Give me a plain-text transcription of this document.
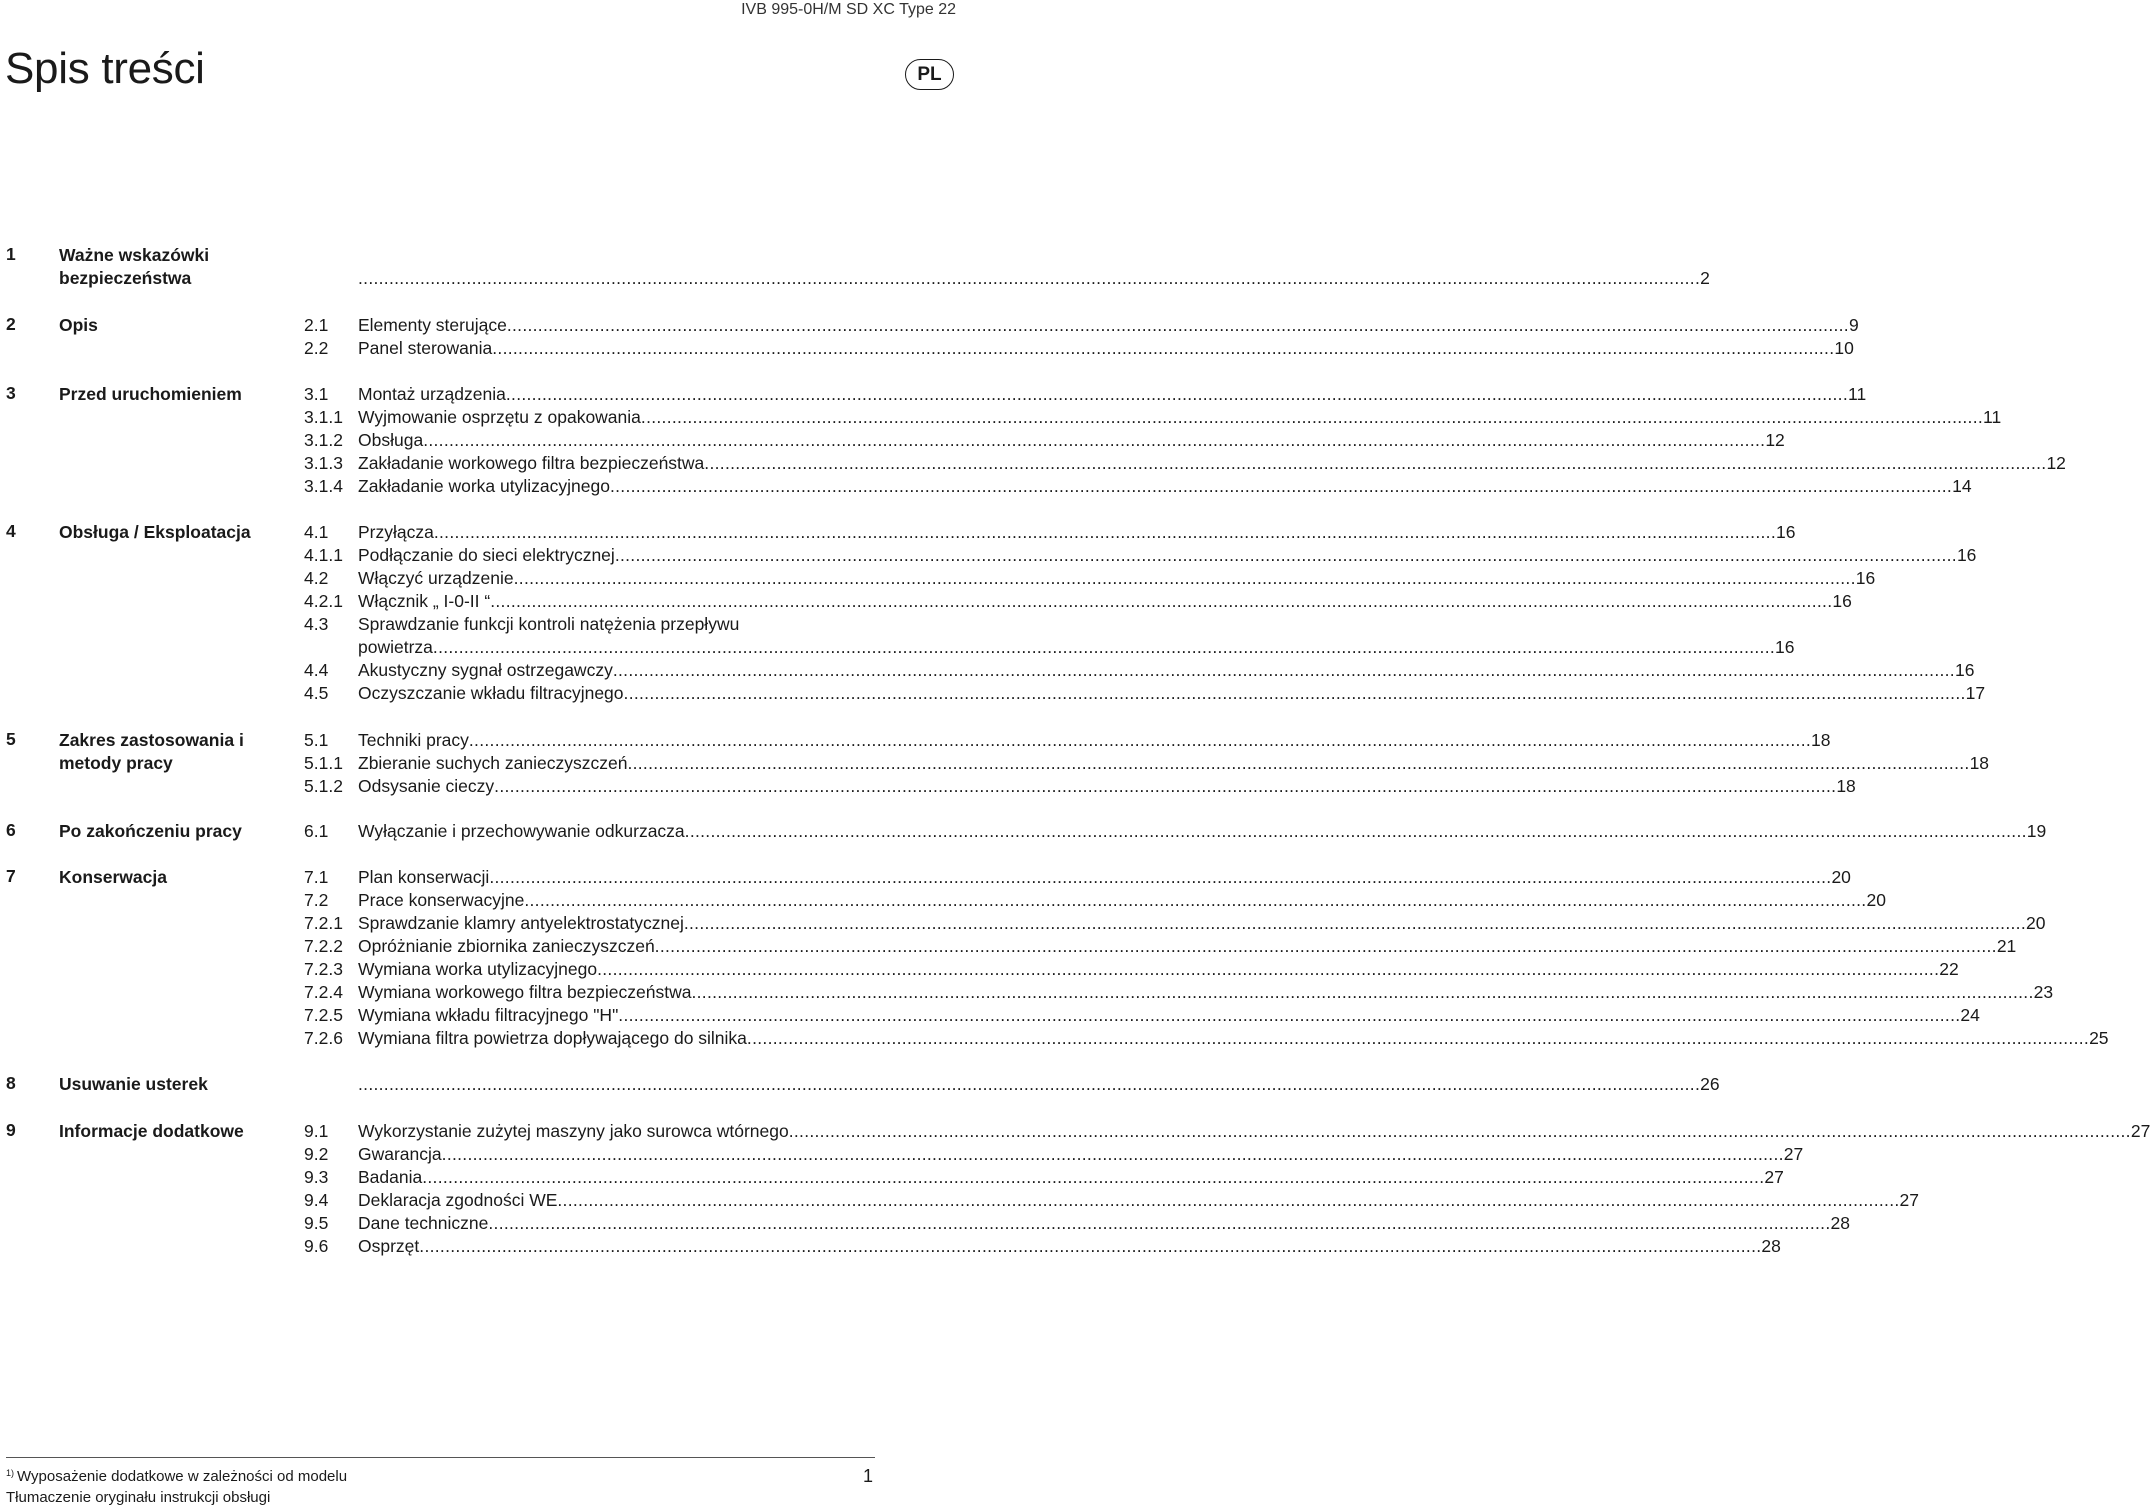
IVB 995-0H/M SD XC Type 22
Spis treści	PL
1 Ważne wskazówki bezpieczeństwa	.................................................................................................................................................................................................................................................................... 2
2 Opis	2.1 Elementy sterujące .................................................................................................................................................................................................................................................................... 9
2.2 Panel sterowania .................................................................................................................................................................................................................................................................... 10
3 Przed uruchomieniem	3.1 Montaż urządzenia .................................................................................................................................................................................................................................................................... 11
3.1.1 Wyjmowanie osprzętu z opakowania .................................................................................................................................................................................................................................................................... 11
3.1.2 Obsługa .................................................................................................................................................................................................................................................................... 12
3.1.3 Zakładanie workowego filtra bezpieczeństwa .................................................................................................................................................................................................................................................................... 12
3.1.4 Zakładanie worka utylizacyjnego .................................................................................................................................................................................................................................................................... 14
4 Obsługa / Eksploatacja	4.1 Przyłącza .................................................................................................................................................................................................................................................................... 16
4.1.1 Podłączanie do sieci elektrycznej .................................................................................................................................................................................................................................................................... 16
4.2 Włączyć urządzenie .................................................................................................................................................................................................................................................................... 16
4.2.1 Włącznik „ I-0-II “ .................................................................................................................................................................................................................................................................... 16
4.3 Sprawdzanie funkcji kontroli natężenia przepływu
powietrza .................................................................................................................................................................................................................................................................... 16
4.4 Akustyczny sygnał ostrzegawczy .................................................................................................................................................................................................................................................................... 16
4.5 Oczyszczanie wkładu filtracyjnego .................................................................................................................................................................................................................................................................... 17
5 Zakres zastosowania i metody pracy
5.1 Techniki pracy .................................................................................................................................................................................................................................................................... 18
5.1.1 Zbieranie suchych zanieczyszczeń .................................................................................................................................................................................................................................................................... 18
5.1.2 Odsysanie cieczy .................................................................................................................................................................................................................................................................... 18
6 Po zakończeniu pracy	6.1 Wyłączanie i przechowywanie odkurzacza .................................................................................................................................................................................................................................................................... 19
7 Konserwacja	7.1 Plan konserwacji .................................................................................................................................................................................................................................................................... 20
7.2 Prace konserwacyjne .................................................................................................................................................................................................................................................................... 20
7.2.1 Sprawdzanie klamry antyelektrostatycznej .................................................................................................................................................................................................................................................................... 20
7.2.2 Opróżnianie zbiornika zanieczyszczeń .................................................................................................................................................................................................................................................................... 21
7.2.3 Wymiana worka utylizacyjnego .................................................................................................................................................................................................................................................................... 22
7.2.4 Wymiana workowego filtra bezpieczeństwa .................................................................................................................................................................................................................................................................... 23
7.2.5 Wymiana wkładu filtracyjnego "H" .................................................................................................................................................................................................................................................................... 24
7.2.6 Wymiana filtra powietrza dopływającego do silnika .................................................................................................................................................................................................................................................................... 25
8 Usuwanie usterek	.................................................................................................................................................................................................................................................................... 26
9 Informacje dodatkowe	9.1 Wykorzystanie zużytej maszyny jako surowca wtórnego .................................................................................................................................................................................................................................................................... 27
9.2 Gwarancja .................................................................................................................................................................................................................................................................... 27
9.3 Badania .................................................................................................................................................................................................................................................................... 27
9.4 Deklaracja zgodności WE .................................................................................................................................................................................................................................................................... 27
9.5 Dane techniczne .................................................................................................................................................................................................................................................................... 28
9.6 Osprzęt .................................................................................................................................................................................................................................................................... 28
$^{1)}$ Wyposażenie dodatkowe w zależności od modelu
Tłumaczenie oryginału instrukcji obsługi
1
